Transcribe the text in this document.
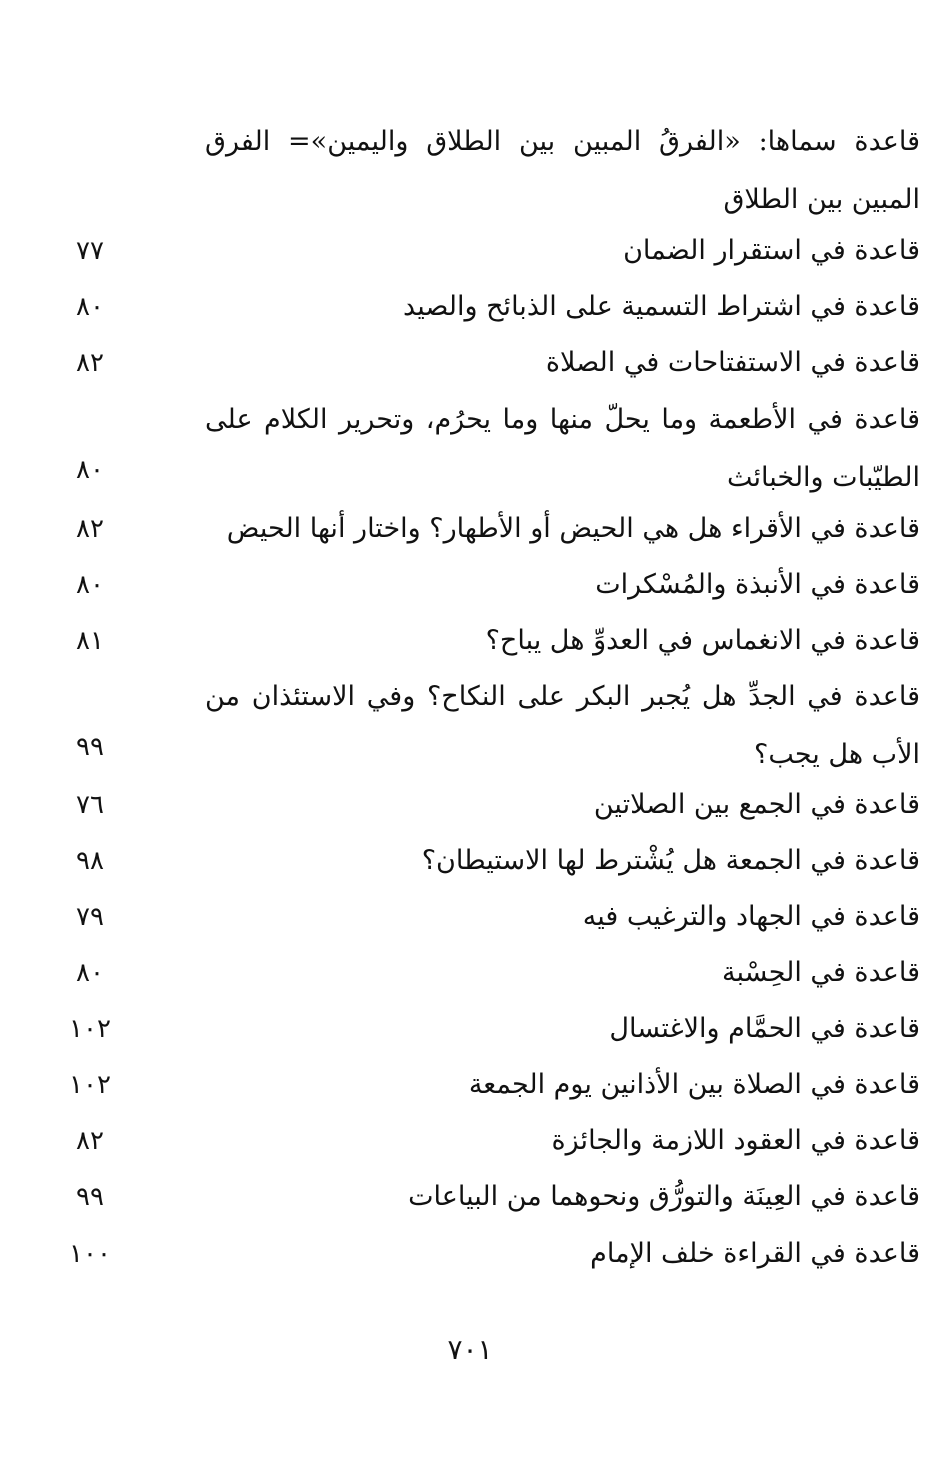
قاعدة سماها: «الفرقُ المبين بين الطلاق واليمين»= الفرق المبين بين الطلاق
قاعدة في استقرار الضمان
٧٧
قاعدة في اشتراط التسمية على الذبائح والصيد
٨٠
قاعدة في الاستفتاحات في الصلاة
٨٢
قاعدة في الأطعمة وما يحلّ منها وما يحرُم، وتحرير الكلام على الطيّبات والخبائث
٨٠
قاعدة في الأقراء هل هي الحيض أو الأطهار؟ واختار أنها الحيض
٨٢
قاعدة في الأنبذة والمُسْكرات
٨٠
قاعدة في الانغماس في العدوِّ هل يباح؟
٨١
قاعدة في الجدِّ هل يُجبر البكر على النكاح؟ وفي الاستئذان من الأب هل يجب؟
٩٩
قاعدة في الجمع بين الصلاتين
٧٦
قاعدة في الجمعة هل يُشْترط لها الاستيطان؟
٩٨
قاعدة في الجهاد والترغيب فيه
٧٩
قاعدة في الحِسْبة
٨٠
قاعدة في الحمَّام والاغتسال
١٠٢
قاعدة في الصلاة بين الأذانين يوم الجمعة
١٠٢
قاعدة في العقود اللازمة والجائزة
٨٢
قاعدة في العِينَة والتورُّق ونحوهما من البياعات
٩٩
قاعدة في القراءة خلف الإمام
١٠٠
٧٠١
